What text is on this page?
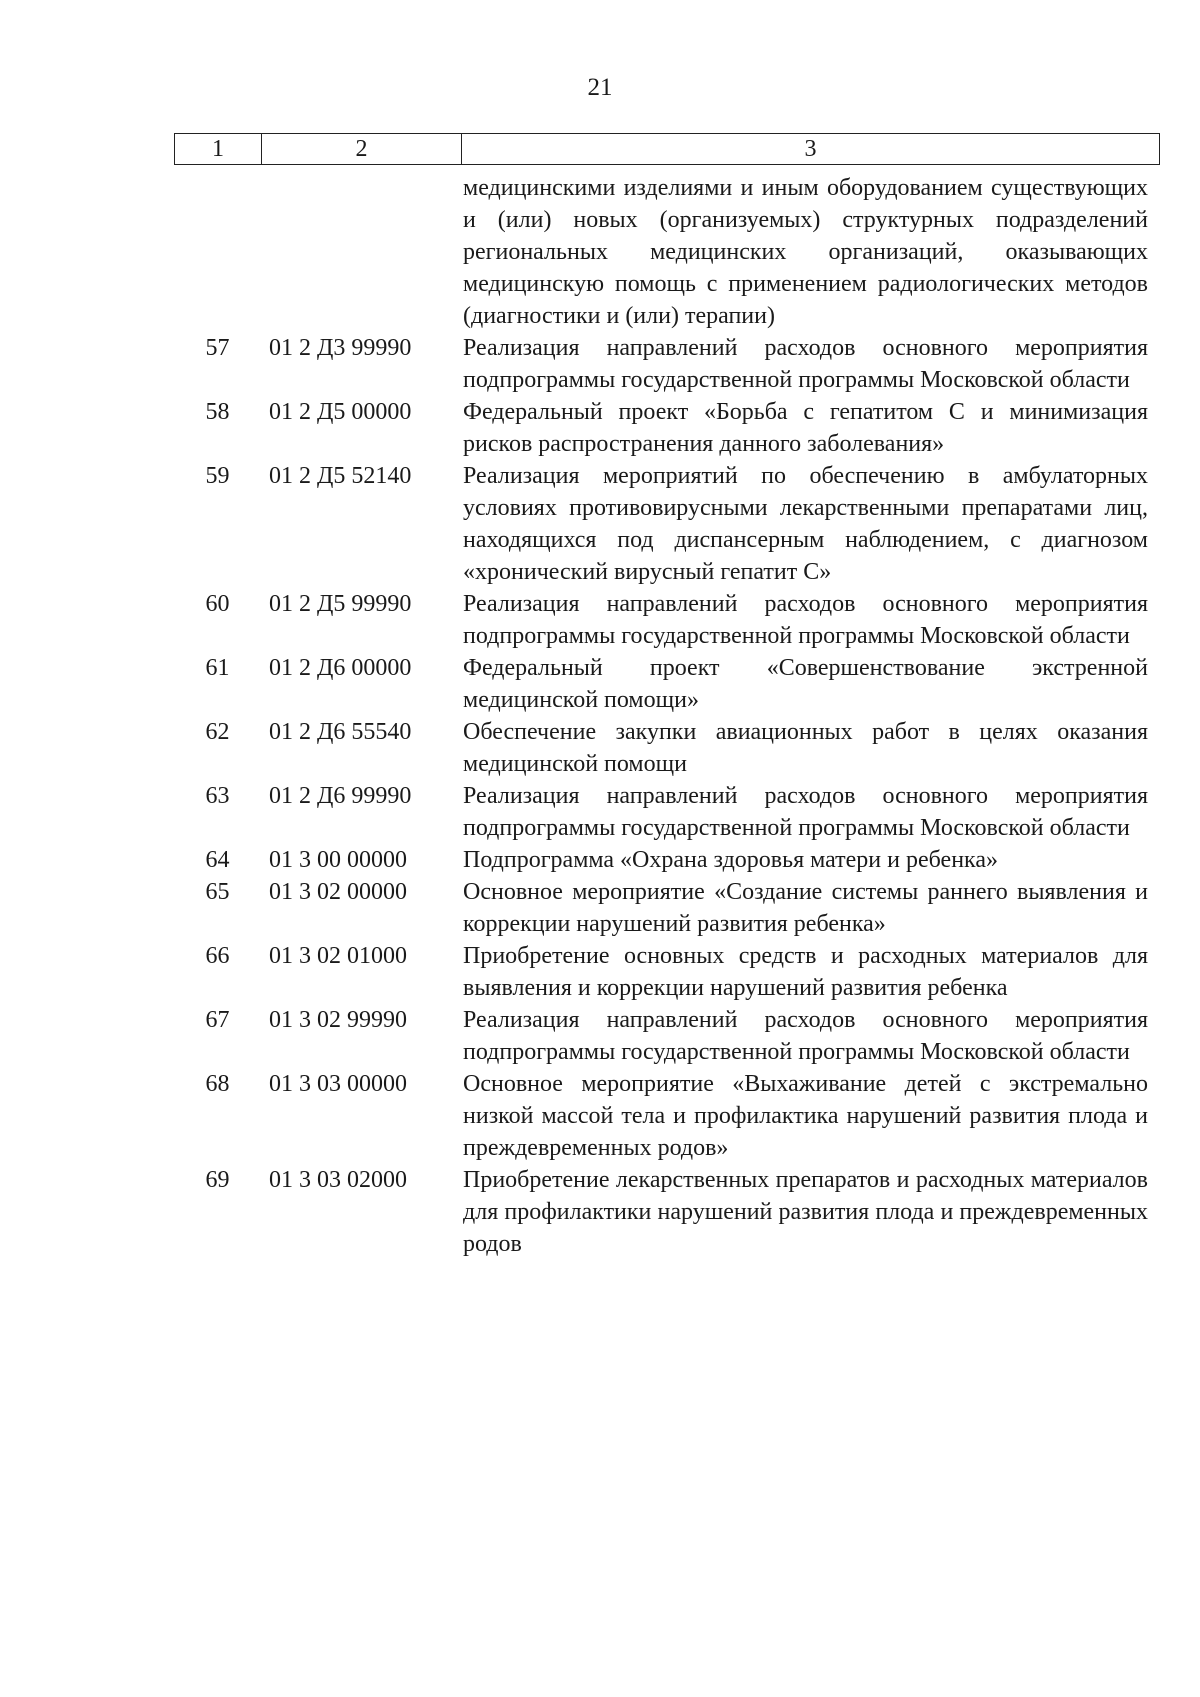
21
1	2	3
медицинскими изделиями и иным оборудованием существующих и (или) новых (организуемых) структурных подразделений региональных медицинских организаций, оказывающих медицинскую помощь с применением радиологических методов (диагностики и (или) терапии)
57	01 2 Д3 99990	Реализация направлений расходов основного мероприятия подпрограммы государственной программы Московской области
58	01 2 Д5 00000	Федеральный проект «Борьба с гепатитом С и минимизация рисков распространения данного заболевания»
59	01 2 Д5 52140	Реализация мероприятий по обеспечению в амбулаторных условиях противовирусными лекарственными препаратами лиц, находящихся под диспансерным наблюдением, с диагнозом «хронический вирусный гепатит С»
60	01 2 Д5 99990	Реализация направлений расходов основного мероприятия подпрограммы государственной программы Московской области
61	01 2 Д6 00000	Федеральный проект «Совершенствование экстренной медицинской помощи»
62	01 2 Д6 55540	Обеспечение закупки авиационных работ в целях оказания медицинской помощи
63	01 2 Д6 99990	Реализация направлений расходов основного мероприятия подпрограммы государственной программы Московской области
64	01 3 00 00000	Подпрограмма «Охрана здоровья матери и ребенка»
65	01 3 02 00000	Основное мероприятие «Создание системы раннего выявления и коррекции нарушений развития ребенка»
66	01 3 02 01000	Приобретение основных средств и расходных материалов для выявления и коррекции нарушений развития ребенка
67	01 3 02 99990	Реализация направлений расходов основного мероприятия подпрограммы государственной программы Московской области
68	01 3 03 00000	Основное мероприятие «Выхаживание детей с экстремально низкой массой тела и профилактика нарушений развития плода и преждевременных родов»
69	01 3 03 02000	Приобретение лекарственных препаратов и расходных материалов для профилактики нарушений развития плода и преждевременных родов
